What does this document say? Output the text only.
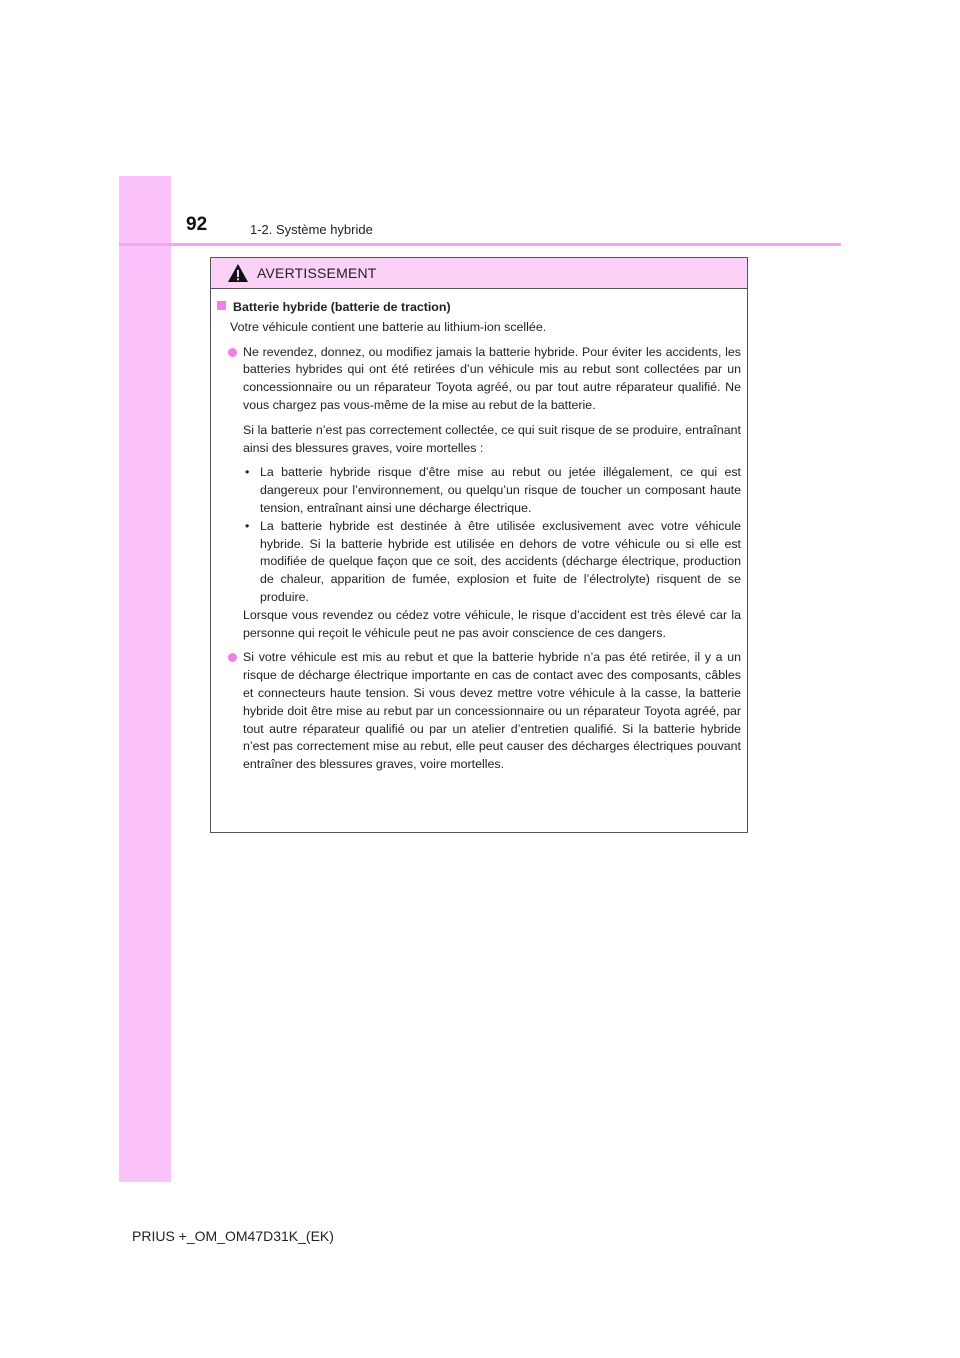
92	1-2. Système hybride
AVERTISSEMENT
Batterie hybride (batterie de traction)
Votre véhicule contient une batterie au lithium-ion scellée.

Ne revendez, donnez, ou modifiez jamais la batterie hybride. Pour éviter les accidents, les batteries hybrides qui ont été retirées d’un véhicule mis au rebut sont collectées par un concessionnaire ou un réparateur Toyota agréé, ou par tout autre réparateur qualifié. Ne vous chargez pas vous-même de la mise au rebut de la batterie.

Si la batterie n’est pas correctement collectée, ce qui suit risque de se produire, entraînant ainsi des blessures graves, voire mortelles :

• La batterie hybride risque d’être mise au rebut ou jetée illégalement, ce qui est dangereux pour l’environnement, ou quelqu’un risque de toucher un composant haute tension, entraînant ainsi une décharge électrique.
• La batterie hybride est destinée à être utilisée exclusivement avec votre véhicule hybride. Si la batterie hybride est utilisée en dehors de votre véhicule ou si elle est modifiée de quelque façon que ce soit, des accidents (décharge électrique, production de chaleur, apparition de fumée, explosion et fuite de l’électrolyte) risquent de se produire.

Lorsque vous revendez ou cédez votre véhicule, le risque d’accident est très élevé car la personne qui reçoit le véhicule peut ne pas avoir conscience de ces dangers.

Si votre véhicule est mis au rebut et que la batterie hybride n’a pas été retirée, il y a un risque de décharge électrique importante en cas de contact avec des composants, câbles et connecteurs haute tension. Si vous devez mettre votre véhicule à la casse, la batterie hybride doit être mise au rebut par un concessionnaire ou un réparateur Toyota agréé, par tout autre réparateur qualifié ou par un atelier d’entretien qualifié. Si la batterie hybride n’est pas correctement mise au rebut, elle peut causer des décharges électriques pouvant entraîner des blessures graves, voire mortelles.

PRIUS +_OM_OM47D31K_(EK)
